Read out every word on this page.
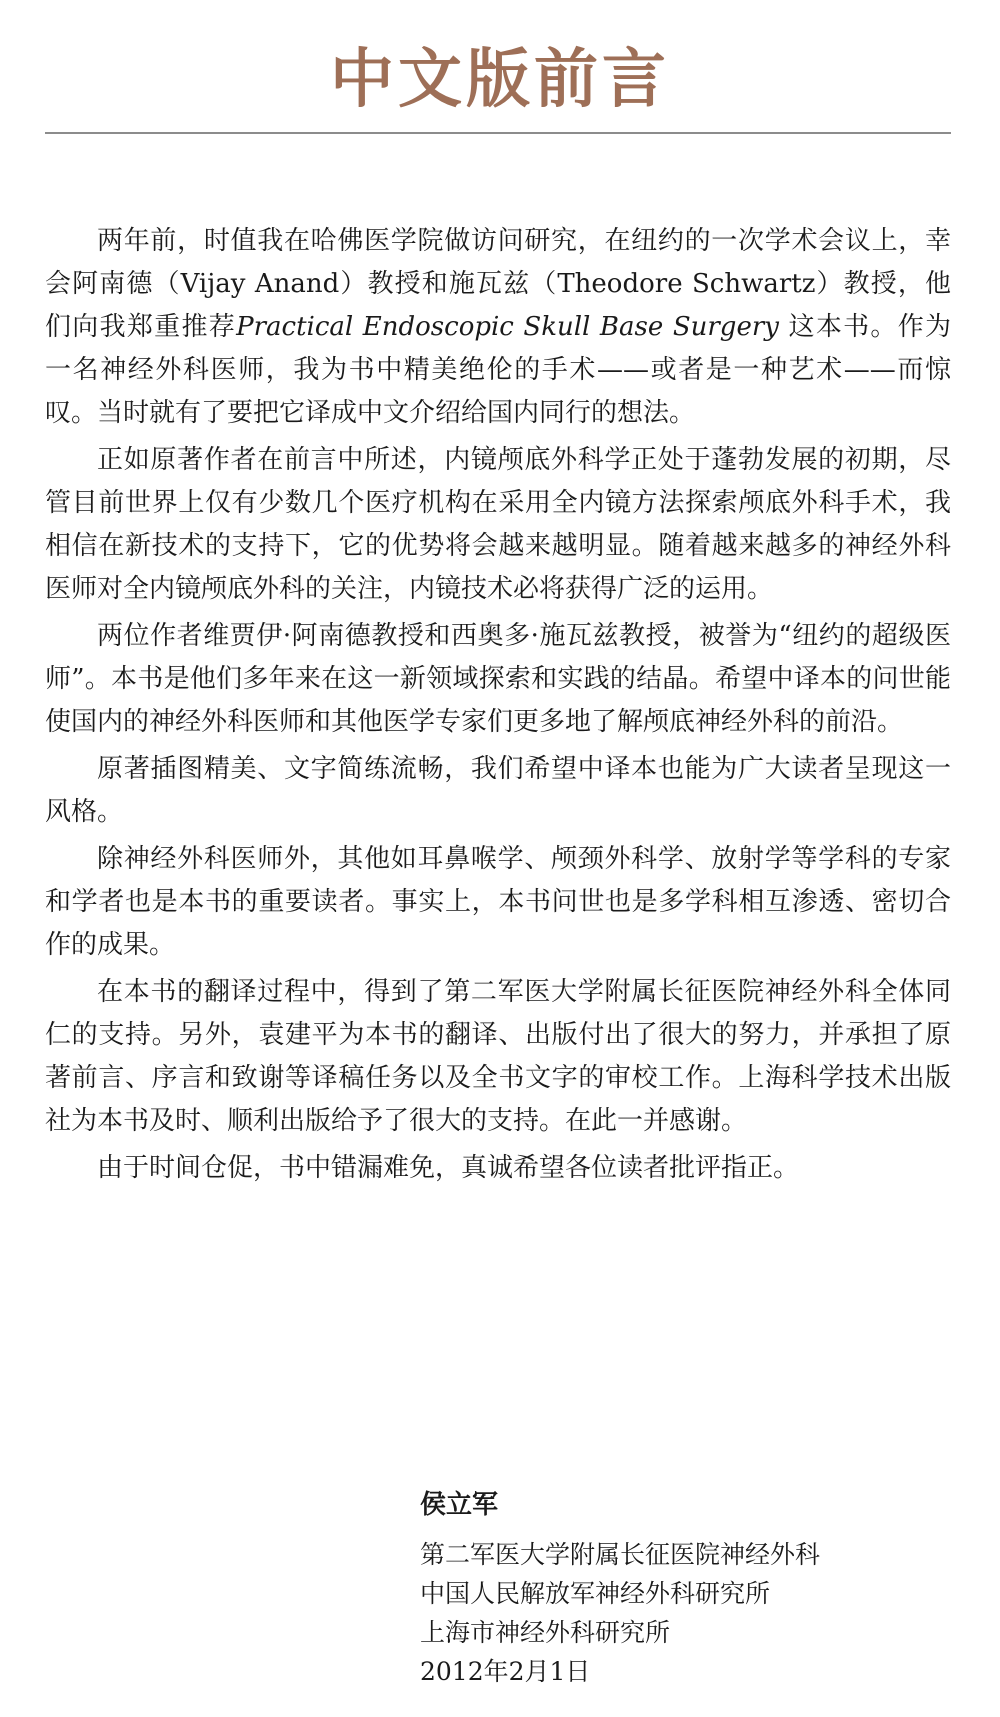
中文版前言

两年前，时值我在哈佛医学院做访问研究，在纽约的一次学术会议上，幸会阿南德（Vijay Anand）教授和施瓦兹（Theodore Schwartz）教授，他们向我郑重推荐Practical Endoscopic Skull Base Surgery 这本书。作为一名神经外科医师，我为书中精美绝伦的手术——或者是一种艺术——而惊叹。当时就有了要把它译成中文介绍给国内同行的想法。

正如原著作者在前言中所述，内镜颅底外科学正处于蓬勃发展的初期，尽管目前世界上仅有少数几个医疗机构在采用全内镜方法探索颅底外科手术，我相信在新技术的支持下，它的优势将会越来越明显。随着越来越多的神经外科医师对全内镜颅底外科的关注，内镜技术必将获得广泛的运用。

两位作者维贾伊·阿南德教授和西奥多·施瓦兹教授，被誉为“纽约的超级医师”。本书是他们多年来在这一新领域探索和实践的结晶。希望中译本的问世能使国内的神经外科医师和其他医学专家们更多地了解颅底神经外科的前沿。

原著插图精美、文字简练流畅，我们希望中译本也能为广大读者呈现这一风格。

除神经外科医师外，其他如耳鼻喉学、颅颈外科学、放射学等学科的专家和学者也是本书的重要读者。事实上，本书问世也是多学科相互渗透、密切合作的成果。

在本书的翻译过程中，得到了第二军医大学附属长征医院神经外科全体同仁的支持。另外，袁建平为本书的翻译、出版付出了很大的努力，并承担了原著前言、序言和致谢等译稿任务以及全书文字的审校工作。上海科学技术出版社为本书及时、顺利出版给予了很大的支持。在此一并感谢。

由于时间仓促，书中错漏难免，真诚希望各位读者批评指正。

侯立军
第二军医大学附属长征医院神经外科
中国人民解放军神经外科研究所
上海市神经外科研究所
2012年2月1日
